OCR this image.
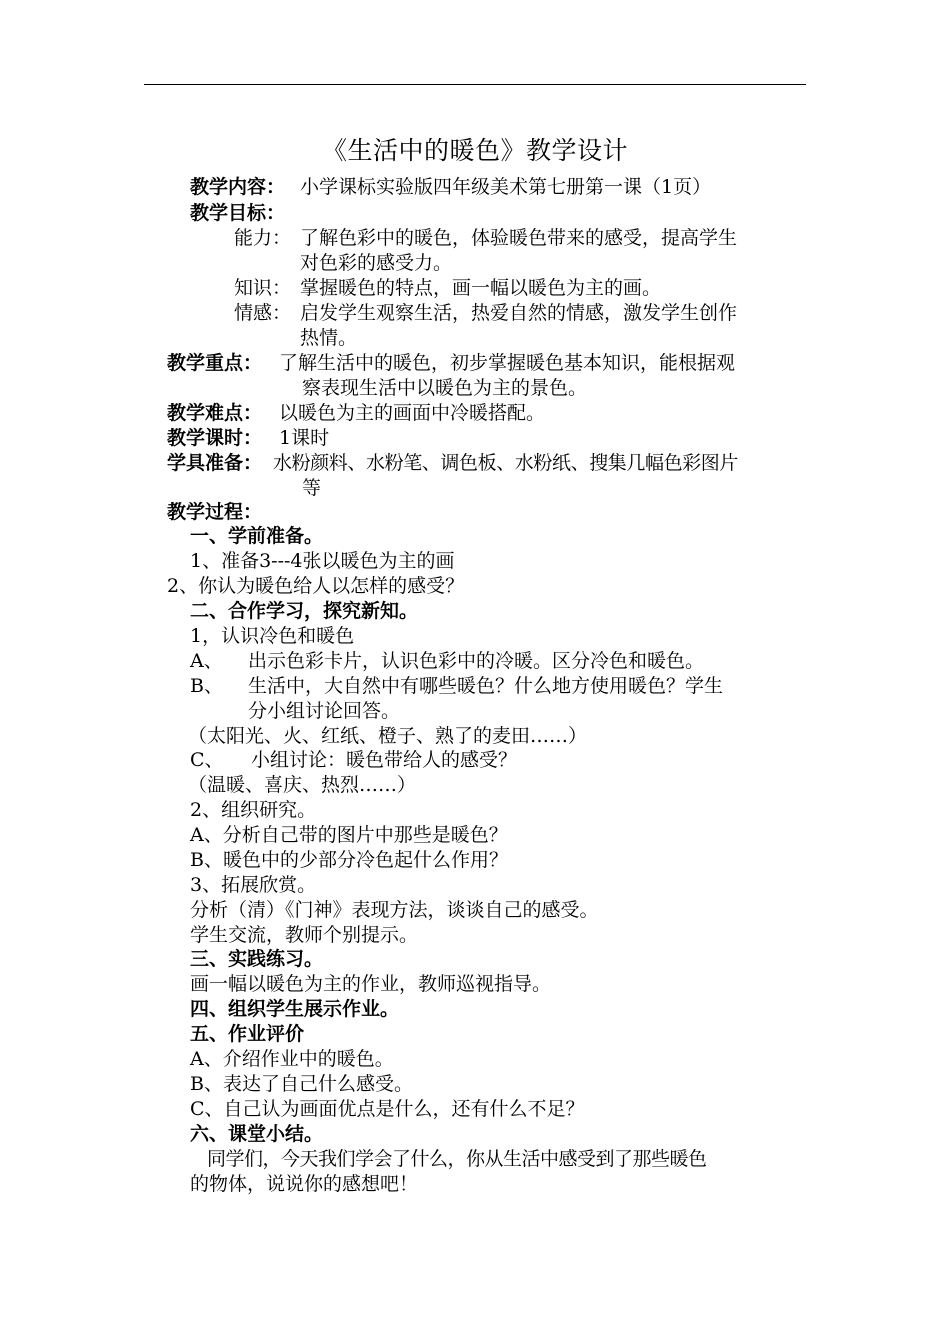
《生活中的暖色》教学设计
教学内容： 小学课标实验版四年级美术第七册第一课（1页）
教学目标：
能力： 了解色彩中的暖色，体验暖色带来的感受，提高学生
对色彩的感受力。
知识： 掌握暖色的特点，画一幅以暖色为主的画。
情感： 启发学生观察生活，热爱自然的情感，激发学生创作
热情。
教学重点： 了解生活中的暖色，初步掌握暖色基本知识，能根据观
察表现生活中以暖色为主的景色。
教学难点： 以暖色为主的画面中冷暖搭配。
教学课时： 1课时
学具准备： 水粉颜料、水粉笔、调色板、水粉纸、搜集几幅色彩图片
等
教学过程：
一、学前准备。
1、准备3---4张以暖色为主的画
2、你认为暖色给人以怎样的感受？
二、合作学习，探究新知。
1，认识冷色和暖色
A、 出示色彩卡片，认识色彩中的冷暖。区分冷色和暖色。
B、 生活中，大自然中有哪些暖色？什么地方使用暖色？学生
分小组讨论回答。
（太阳光、火、红纸、橙子、熟了的麦田……）
C、 小组讨论：暖色带给人的感受？
（温暖、喜庆、热烈……）
2、组织研究。
A、分析自己带的图片中那些是暖色？
B、暖色中的少部分冷色起什么作用？
3、拓展欣赏。
分析（清）《门神》表现方法，谈谈自己的感受。
学生交流，教师个别提示。
三、实践练习。
画一幅以暖色为主的作业，教师巡视指导。
四、组织学生展示作业。
五、作业评价
A、介绍作业中的暖色。
B、表达了自己什么感受。
C、自己认为画面优点是什么，还有什么不足？
六、课堂小结。
同学们，今天我们学会了什么，你从生活中感受到了那些暖色
的物体，说说你的感想吧！
